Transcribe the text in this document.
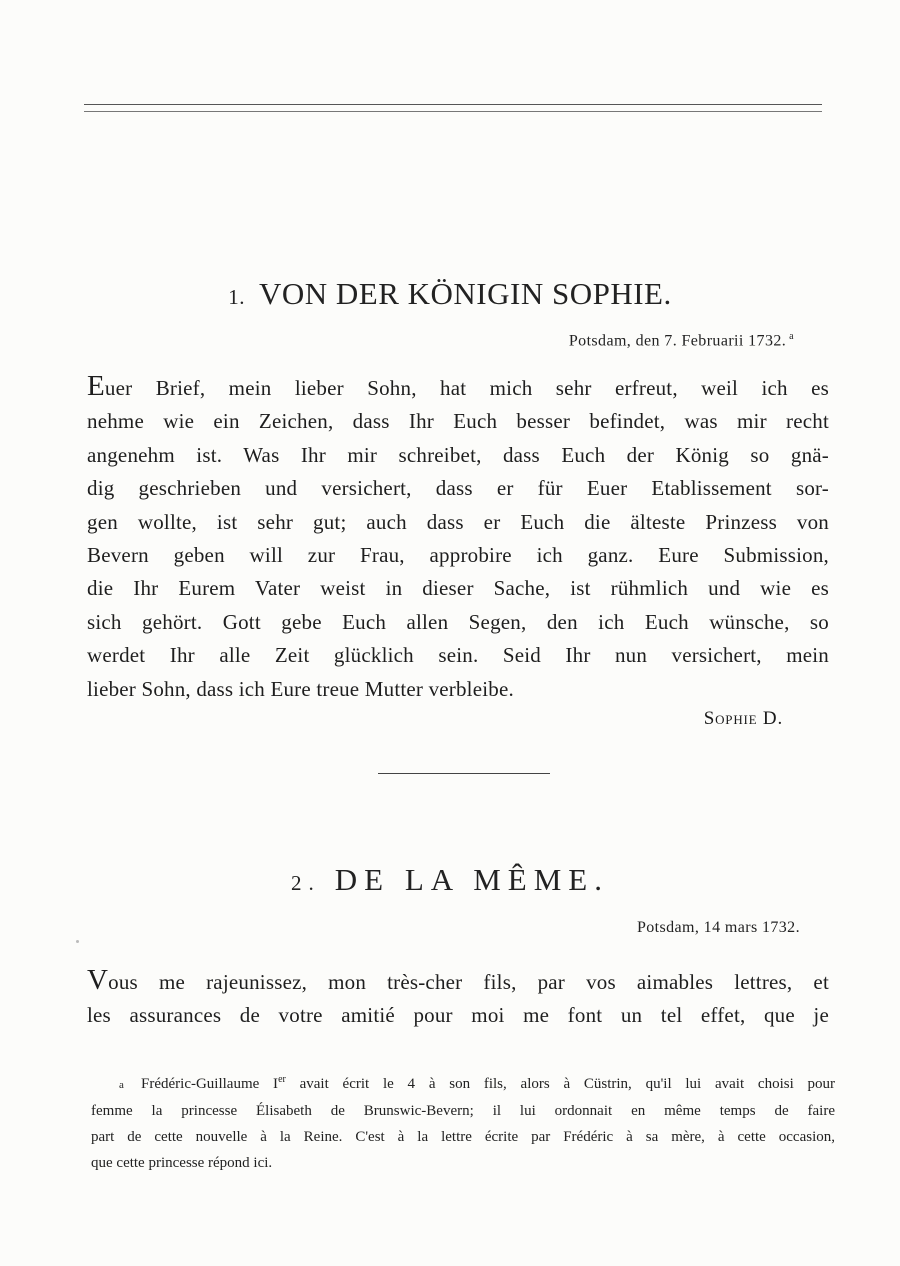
1. VON DER KÖNIGIN SOPHIE.
Potsdam, den 7. Februarii 1732. $^a$
Euer Brief, mein lieber Sohn, hat mich sehr erfreut, weil ich es
nehme wie ein Zeichen, dass Ihr Euch besser befindet, was mir recht
angenehm ist. Was Ihr mir schreibet, dass Euch der König so gnä-
dig geschrieben und versichert, dass er für Euer Etablissement sor-
gen wollte, ist sehr gut; auch dass er Euch die älteste Prinzess von
Bevern geben will zur Frau, approbire ich ganz. Eure Submission,
die Ihr Eurem Vater weist in dieser Sache, ist rühmlich und wie es
sich gehört. Gott gebe Euch allen Segen, den ich Euch wünsche, so
werdet Ihr alle Zeit glücklich sein. Seid Ihr nun versichert, mein
lieber Sohn, dass ich Eure treue Mutter verbleibe.
Sophie D.
2. DE LA MÊME.
Potsdam, 14 mars 1732.
Vous me rajeunissez, mon très-cher fils, par vos aimables lettres, et
les assurances de votre amitié pour moi me font un tel effet, que je
a Frédéric-Guillaume Ier avait écrit le 4 à son fils, alors à Cüstrin, qu'il lui avait choisi pour
femme la princesse Élisabeth de Brunswic-Bevern; il lui ordonnait en même temps de faire
part de cette nouvelle à la Reine. C'est à la lettre écrite par Frédéric à sa mère, à cette occasion,
que cette princesse répond ici.
